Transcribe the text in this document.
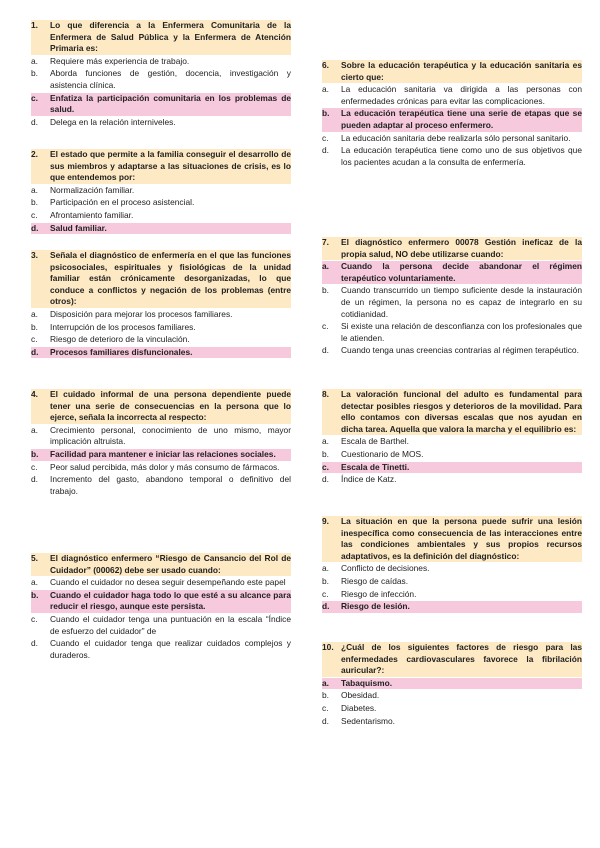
1.	Lo que diferencia a la Enfermera Comunitaria de la Enfermera de Salud Pública y la Enfermera de Atención Primaria es:
a.	Requiere más experiencia de trabajo.
b.	Aborda funciones de gestión, docencia, investigación y asistencia clínica.
c.	Enfatiza la participación comunitaria en los problemas de salud.
d.	Delega en la relación interniveles.
2.	El estado que permite a la familia conseguir el desarrollo de sus miembros y adaptarse a las situaciones de crisis, es lo que entendemos por:
a.	Normalización familiar.
b.	Participación en el proceso asistencial.
c.	Afrontamiento familiar.
d.	Salud familiar.
3.	Señala el diagnóstico de enfermería en el que las funciones psicosociales, espirituales y fisiológicas de la unidad familiar están crónicamente desorganizadas, lo que conduce a conflictos y negación de los problemas (entre otros):
a.	Disposición para mejorar los procesos familiares.
b.	Interrupción de los procesos familiares.
c.	Riesgo de deterioro de la vinculación.
d.	Procesos familiares disfuncionales.
4.	El cuidado informal de una persona dependiente puede tener una serie de consecuencias en la persona que lo ejerce, señala la incorrecta al respecto:
a.	Crecimiento personal, conocimiento de uno mismo, mayor implicación altruista.
b.	Facilidad para mantener e iniciar las relaciones sociales.
c.	Peor salud percibida, más dolor y más consumo de fármacos.
d.	Incremento del gasto, abandono temporal o definitivo del trabajo.
5.	El diagnóstico enfermero “Riesgo de Cansancio del Rol de Cuidador” (00062) debe ser usado cuando:
a.	Cuando el cuidador no desea seguir desempeñando este papel
b.	Cuando el cuidador haga todo lo que esté a su alcance para reducir el riesgo, aunque este persista.
c.	Cuando el cuidador tenga una puntuación en la escala “Índice de esfuerzo del cuidador” de
d.	Cuando el cuidador tenga que realizar cuidados complejos y duraderos.
6.	Sobre la educación terapéutica y la educación sanitaria es cierto que:
a.	La educación sanitaria va dirigida a las personas con enfermedades crónicas para evitar las complicaciones.
b.	La educación terapéutica tiene una serie de etapas que se pueden adaptar al proceso enfermero.
c.	La educación sanitaria debe realizarla sólo personal sanitario.
d.	La educación terapéutica tiene como uno de sus objetivos que los pacientes acudan a la consulta de enfermería.
7.	El diagnóstico enfermero 00078 Gestión ineficaz de la propia salud, NO debe utilizarse cuando:
a.	Cuando la persona decide abandonar el régimen terapéutico voluntariamente.
b.	Cuando transcurrido un tiempo suficiente desde la instauración de un régimen, la persona no es capaz de integrarlo en su cotidianidad.
c.	Si existe una relación de desconfianza con los profesionales que le atienden.
d.	Cuando tenga unas creencias contrarias al régimen terapéutico.
8.	La valoración funcional del adulto es fundamental para detectar posibles riesgos y deterioros de la movilidad. Para ello contamos con diversas escalas que nos ayudan en dicha tarea. Aquella que valora la marcha y el equilibrio es:
a.	Escala de Barthel.
b.	Cuestionario de MOS.
c.	Escala de Tinetti.
d.	Índice de Katz.
9.	La situación en que la persona puede sufrir una lesión inespecífica como consecuencia de las interacciones entre las condiciones ambientales y sus propios recursos adaptativos, es la definición del diagnóstico:
a.	Conflicto de decisiones.
b.	Riesgo de caídas.
c.	Riesgo de infección.
d.	Riesgo de lesión.
10. ¿Cuál de los siguientes factores de riesgo para las enfermedades cardiovasculares favorece la fibrilación auricular?:
a.	Tabaquismo.
b.	Obesidad.
c.	Diabetes.
d.	Sedentarismo.
